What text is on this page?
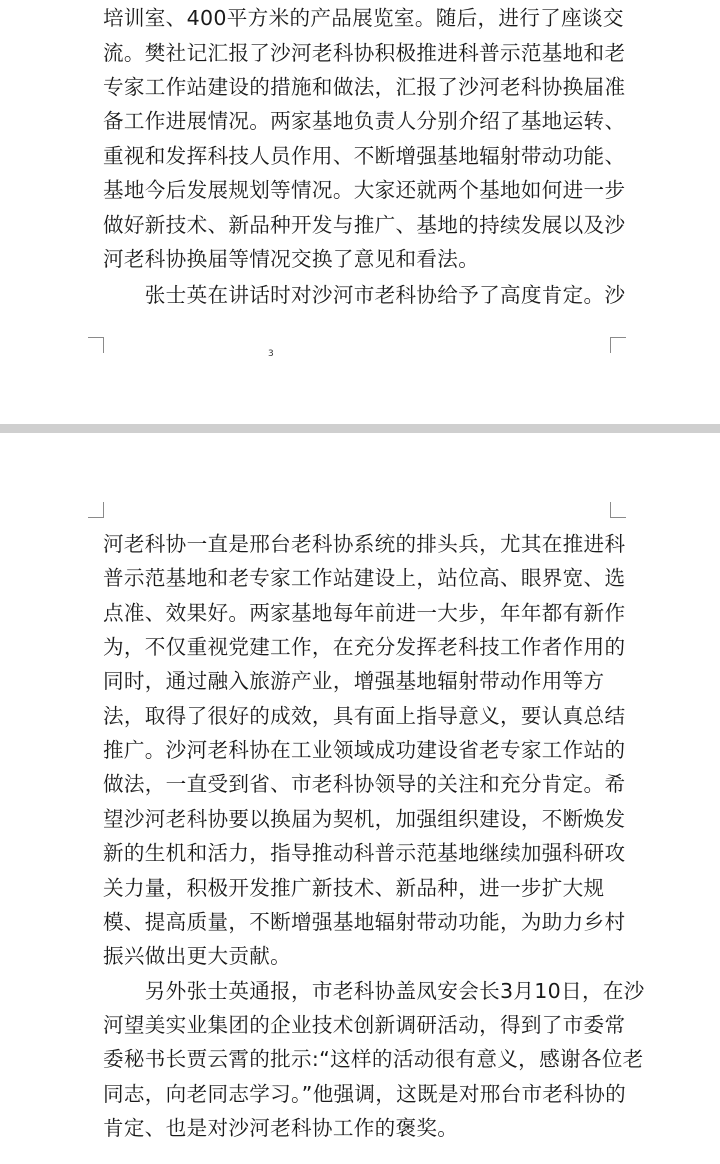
培训室、400平方米的产品展览室。随后，进行了座谈交
流。樊社记汇报了沙河老科协积极推进科普示范基地和老
专家工作站建设的措施和做法，汇报了沙河老科协换届准
备工作进展情况。两家基地负责人分别介绍了基地运转、
重视和发挥科技人员作用、不断增强基地辐射带动功能、
基地今后发展规划等情况。大家还就两个基地如何进一步
做好新技术、新品种开发与推广、基地的持续发展以及沙
河老科协换届等情况交换了意见和看法。
　　张士英在讲话时对沙河市老科协给予了高度肯定。沙
3
河老科协一直是邢台老科协系统的排头兵，尤其在推进科
普示范基地和老专家工作站建设上，站位高、眼界宽、选
点准、效果好。两家基地每年前进一大步，年年都有新作
为，不仅重视党建工作，在充分发挥老科技工作者作用的
同时，通过融入旅游产业，增强基地辐射带动作用等方
法，取得了很好的成效，具有面上指导意义，要认真总结
推广。沙河老科协在工业领域成功建设省老专家工作站的
做法，一直受到省、市老科协领导的关注和充分肯定。希
望沙河老科协要以换届为契机，加强组织建设，不断焕发
新的生机和活力，指导推动科普示范基地继续加强科研攻
关力量，积极开发推广新技术、新品种，进一步扩大规
模、提高质量，不断增强基地辐射带动功能，为助力乡村
振兴做出更大贡献。
　　另外张士英通报，市老科协盖凤安会长3月10日，在沙
河望美实业集团的企业技术创新调研活动，得到了市委常
委秘书长贾云霄的批示:“这样的活动很有意义，感谢各位老
同志，向老同志学习。”他强调，这既是对邢台市老科协的
肯定、也是对沙河老科协工作的褒奖。
